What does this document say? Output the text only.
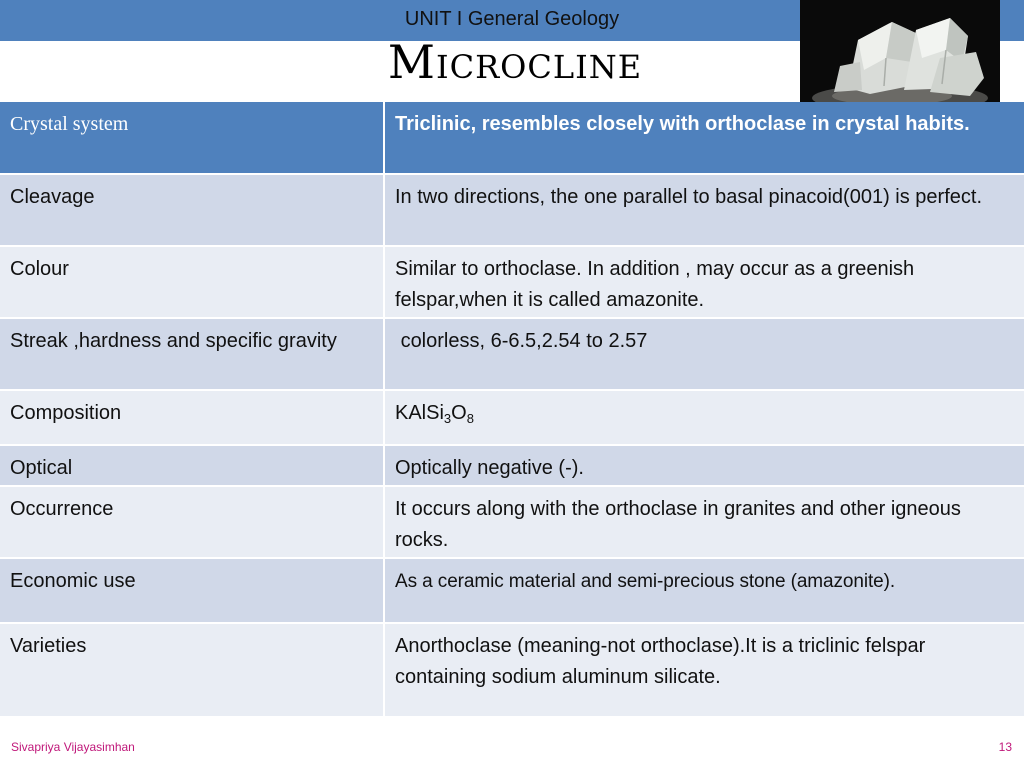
UNIT I General Geology
Microcline
Crystal system	Triclinic, resembles closely with orthoclase in crystal habits.
Cleavage	In two directions, the one parallel to basal pinacoid(001) is perfect.
Colour	Similar to orthoclase. In addition , may occur as a greenish felspar,when it is called amazonite.
Streak ,hardness and specific gravity	colorless, 6-6.5,2.54 to 2.57
Composition	$KAlSi_3O_8$
Optical	Optically negative (-).
Occurrence	It occurs along with the orthoclase in granites and other igneous rocks.
Economic use	As a ceramic material and semi-precious stone (amazonite).
Varieties	Anorthoclase (meaning-not orthoclase).It is a triclinic felspar containing sodium aluminum silicate.
Sivapriya Vijayasimhan	13
